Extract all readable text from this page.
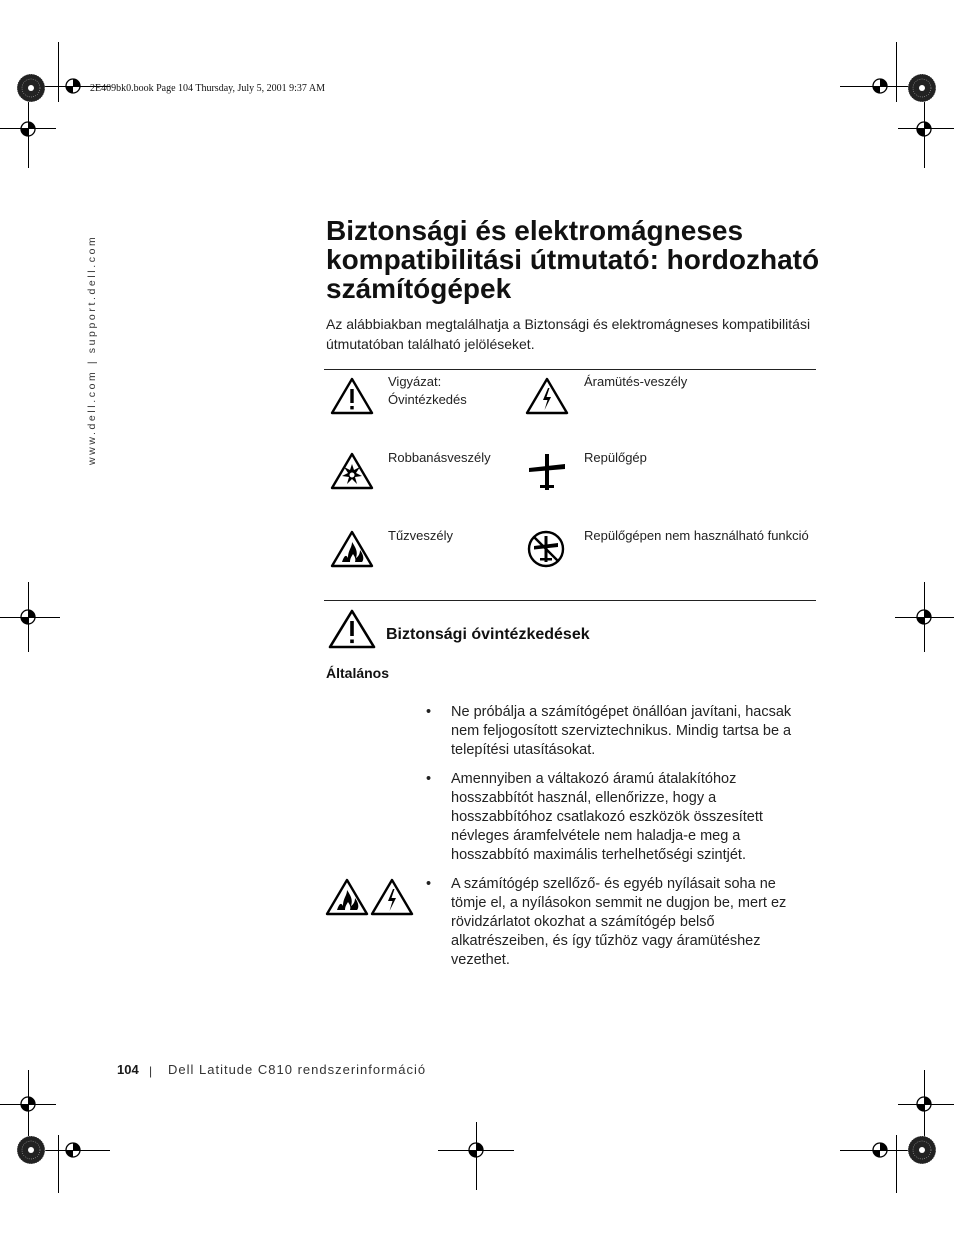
2E409bk0.book Page 104 Thursday, July 5, 2001 9:37 AM
www.dell.com | support.dell.com
Biztonsági és elektromágneses kompatibilitási útmutató: hordozható számítógépek
Az alábbiakban megtalálhatja a Biztonsági és elektromágneses kompatibilitási útmutatóban található jelöléseket.
Vigyázat:
Óvintézkedés
Áramütés-veszély
Robbanásveszély	Repülőgép
Tűzveszély	Repülőgépen nem használható funkció
Biztonsági óvintézkedések
Általános
• Ne próbálja a számítógépet önállóan javítani, hacsak nem feljogosított szerviztechnikus. Mindig tartsa be a telepítési utasításokat.
• Amennyiben a váltakozó áramú átalakítóhoz hosszabbítót használ, ellenőrizze, hogy a hosszabbítóhoz csatlakozó eszközök összesített névleges áramfelvétele nem haladja-e meg a hosszabbító maximális terhelhetőségi szintjét.
• A számítógép szellőző- és egyéb nyílásait soha ne tömje el, a nyílásokon semmit ne dugjon be, mert ez rövidzárlatot okozhat a számítógép belső alkatrészeiben, és így tűzhöz vagy áramütéshez vezethet.
104 | Dell Latitude C810 rendszerinformáció
